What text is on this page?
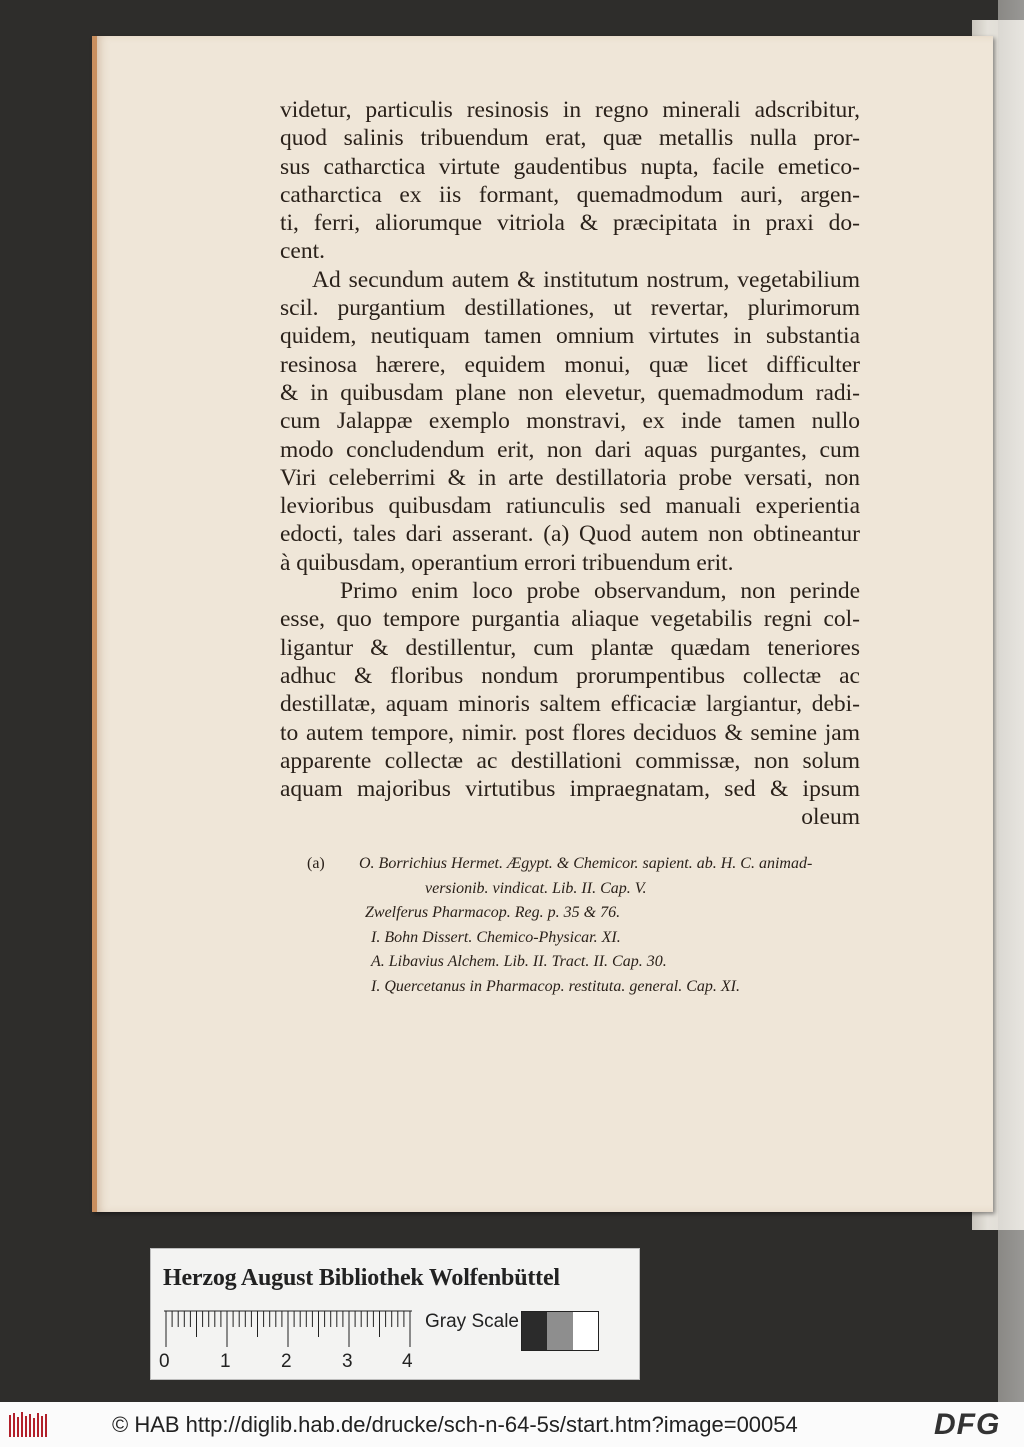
videtur, particulis resinosis in regno minerali adscribitur,
quod salinis tribuendum erat, quæ metallis nulla pror-
sus catharctica virtute gaudentibus nupta, facile emetico-
catharctica ex iis formant, quemadmodum auri, argen-
ti, ferri, aliorumque vitriola & præcipitata in praxi do-
cent.
Ad secundum autem & institutum nostrum, vegetabilium
scil. purgantium destillationes, ut revertar, plurimorum
quidem, neutiquam tamen omnium virtutes in substantia
resinosa hærere, equidem monui, quæ licet difficulter
& in quibusdam plane non elevetur, quemadmodum radi-
cum Jalappæ exemplo monstravi, ex inde tamen nullo
modo concludendum erit, non dari aquas purgantes, cum
Viri celeberrimi & in arte destillatoria probe versati, non
levioribus quibusdam ratiunculis sed manuali experientia
edocti, tales dari asserant. (a) Quod autem non obtineantur
à quibusdam, operantium errori tribuendum erit.
Primo enim loco probe observandum, non perinde
esse, quo tempore purgantia aliaque vegetabilis regni col-
ligantur & destillentur, cum plantæ quædam teneriores
adhuc & floribus nondum prorumpentibus collectæ ac
destillatæ, aquam minoris saltem efficaciæ largiantur, debi-
to autem tempore, nimir. post flores deciduos & semine jam
apparente collectæ ac destillationi commissæ, non solum
aquam majoribus virtutibus impraegnatam, sed & ipsum
oleum
(a) O. Borrichius Hermet. Ægypt. & Chemicor. sapient. ab. H. C. animad-
versionib. vindicat. Lib. II. Cap. V.
Zwelferus Pharmacop. Reg. p. 35 & 76.
I. Bohn Dissert. Chemico-Physicar. XI.
A. Libavius Alchem. Lib. II. Tract. II. Cap. 30.
I. Quercetanus in Pharmacop. restituta. general. Cap. XI.
Herzog August Bibliothek Wolfenbüttel
0	1	2	3	4
Gray Scale
© HAB http://diglib.hab.de/drucke/sch-n-64-5s/start.htm?image=00054	DFG
